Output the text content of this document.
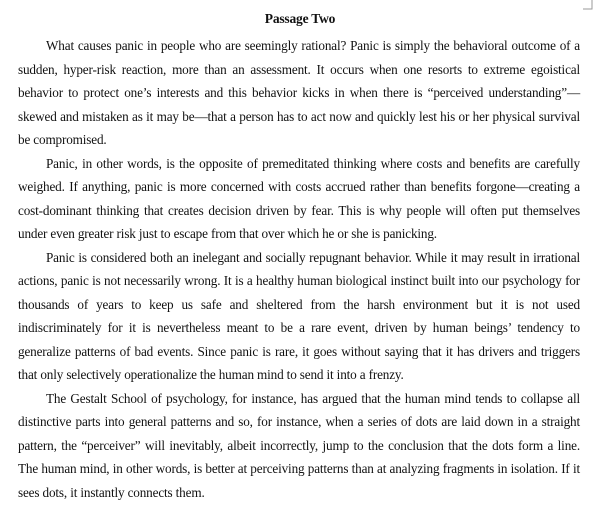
Passage Two

What causes panic in people who are seemingly rational? Panic is simply the behavioral outcome of a sudden, hyper-risk reaction, more than an assessment. It occurs when one resorts to extreme egoistical behavior to protect one’s interests and this behavior kicks in when there is “perceived understanding”—skewed and mistaken as it may be—that a person has to act now and quickly lest his or her physical survival be compromised.

Panic, in other words, is the opposite of premeditated thinking where costs and benefits are carefully weighed. If anything, panic is more concerned with costs accrued rather than benefits forgone—creating a cost-dominant thinking that creates decision driven by fear. This is why people will often put themselves under even greater risk just to escape from that over which he or she is panicking.

Panic is considered both an inelegant and socially repugnant behavior. While it may result in irrational actions, panic is not necessarily wrong. It is a healthy human biological instinct built into our psychology for thousands of years to keep us safe and sheltered from the harsh environment but it is not used indiscriminately for it is nevertheless meant to be a rare event, driven by human beings’ tendency to generalize patterns of bad events. Since panic is rare, it goes without saying that it has drivers and triggers that only selectively operationalize the human mind to send it into a frenzy.

The Gestalt School of psychology, for instance, has argued that the human mind tends to collapse all distinctive parts into general patterns and so, for instance, when a series of dots are laid down in a straight pattern, the “perceiver” will inevitably, albeit incorrectly, jump to the conclusion that the dots form a line. The human mind, in other words, is better at perceiving patterns than at analyzing fragments in isolation. If it sees dots, it instantly connects them.
